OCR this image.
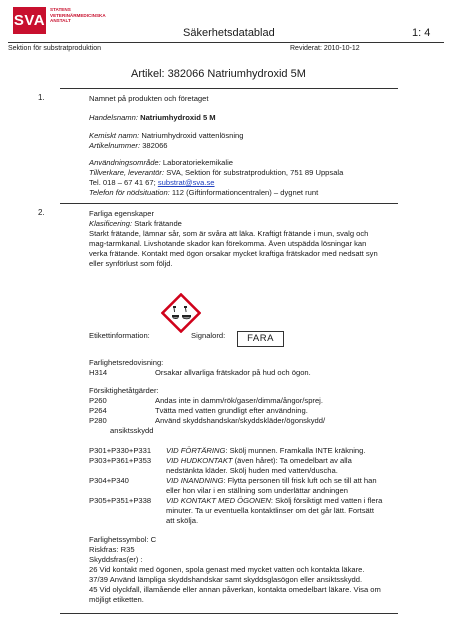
SVA
STATENS
VETERINÄRMEDICINSKA
ANSTALT
Säkerhetsdatablad	1: 4
Sektion för substratproduktion	Reviderat: 2010-10-12
Artikel: 382066 Natriumhydroxid 5M
1.	Namnet på produkten och företaget
Handelsnamn: Natriumhydroxid 5 M
Kemiskt namn: Natriumhydroxid vattenlösning
Artikelnummer: 382066
Användningsområde: Laboratoriekemikalie
Tillverkare, leverantör: SVA, Sektion för substratproduktion, 751 89 Uppsala
Tel. 018 – 67 41 67; substrat@sva.se
Telefon för nödsituation: 112 (Giftinformationcentralen) – dygnet runt
2.	Farliga egenskaper
Klasificering: Stark frätande
Starkt frätande, lämnar sår, som är svåra att läka. Kraftigt frätande i mun, svalg och
mag-tarmkanal. Livshotande skador kan förekomma. Även utspädda lösningar kan
verka frätande. Kontakt med ögon orsakar mycket kraftiga frätskador med nedsatt syn
eller synförlust som följd.
Etikettinformation:	Signalord:	FARA
Farlighetsredovisning:
H314	Orsakar allvarliga frätskador på hud och ögon.
Försiktighetåtgärder:
P260	Andas inte in damm/rök/gaser/dimma/ångor/sprej.
P264	Tvätta med vatten grundligt efter användning.
P280	Använd skyddshandskar/skyddskläder/ögonskydd/
ansiktsskydd
P301+P330+P331 VID FÖRTÄRING: Skölj munnen. Framkalla INTE kräkning.
P303+P361+P353 VID HUDKONTAKT (även håret): Ta omedelbart av alla
nedstänkta kläder. Skölj huden med vatten/duscha.
P304+P340	VID INANDNING: Flytta personen till frisk luft och se till att han
eller hon vilar i en ställning som underlättar andningen
P305+P351+P338 VID KONTAKT MED ÖGONEN: Skölj försiktigt med vatten i flera
minuter. Ta ur eventuella kontaktlinser om det går lätt. Fortsätt
att skölja.
Farlighetssymbol: C
Riskfras: R35
Skyddsfras(er) :
26 Vid kontakt med ögonen, spola genast med mycket vatten och kontakta läkare.
37/39 Använd lämpliga skyddshandskar samt skyddsglasögon eller ansiktsskydd.
45 Vid olyckfall, illamående eller annan påverkan, kontakta omedelbart läkare. Visa om
möjligt etiketten.
